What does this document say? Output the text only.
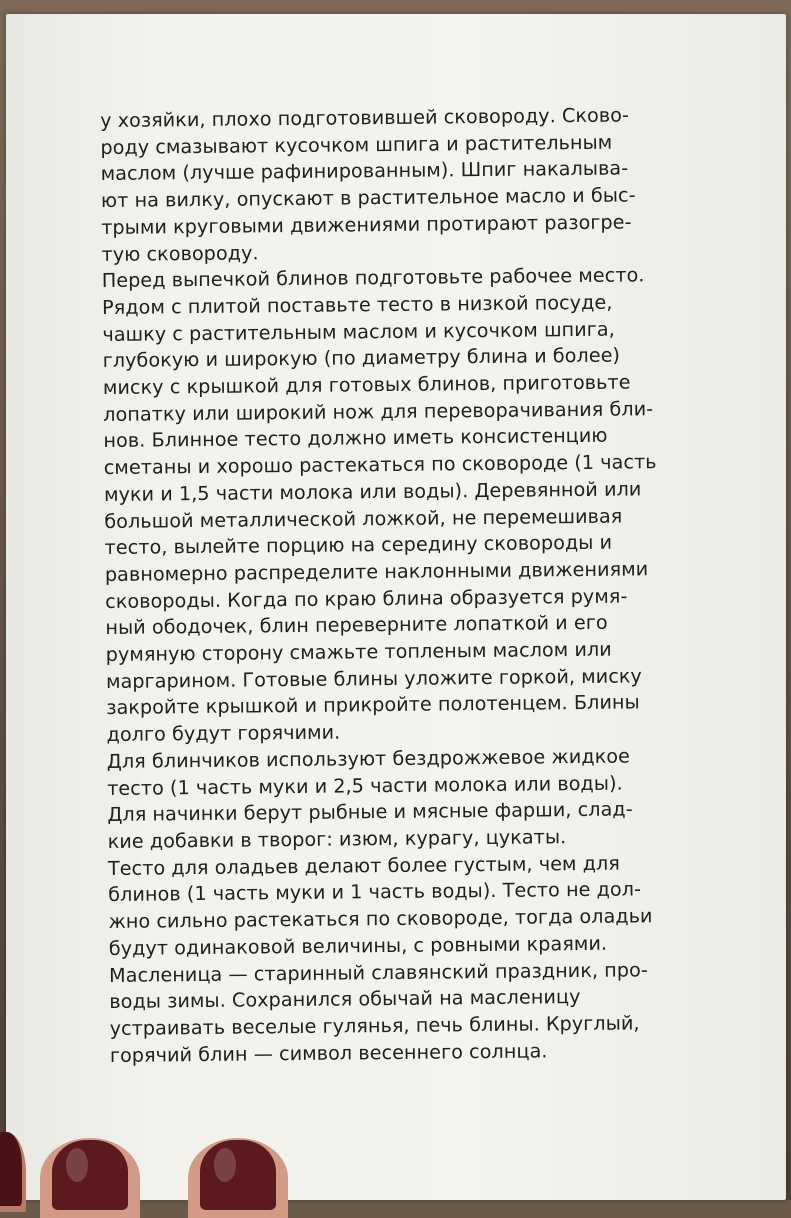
у хозяйки, плохо подготовившей сковороду. Сково-
роду смазывают кусочком шпига и растительным
маслом (лучше рафинированным). Шпиг накалыва-
ют на вилку, опускают в растительное масло и быс-
трыми круговыми движениями протирают разогре-
тую сковороду.

Перед выпечкой блинов подготовьте рабочее место.
Рядом с плитой поставьте тесто в низкой посуде,
чашку с растительным маслом и кусочком шпига,
глубокую и широкую (по диаметру блина и более)
миску с крышкой для готовых блинов, приготовьте
лопатку или широкий нож для переворачивания бли-
нов. Блинное тесто должно иметь консистенцию
сметаны и хорошо растекаться по сковороде (1 часть
муки и 1,5 части молока или воды). Деревянной или
большой металлической ложкой, не перемешивая
тесто, вылейте порцию на середину сковороды и
равномерно распределите наклонными движениями
сковороды. Когда по краю блина образуется румя-
ный ободочек, блин переверните лопаткой и его
румяную сторону смажьте топленым маслом или
маргарином. Готовые блины уложите горкой, миску
закройте крышкой и прикройте полотенцем. Блины
долго будут горячими.

Для блинчиков используют бездрожжевое жидкое
тесто (1 часть муки и 2,5 части молока или воды).
Для начинки берут рыбные и мясные фарши, слад-
кие добавки в творог: изюм, курагу, цукаты.

Тесто для оладьев делают более густым, чем для
блинов (1 часть муки и 1 часть воды). Тесто не дол-
жно сильно растекаться по сковороде, тогда оладьи
будут одинаковой величины, с ровными краями.

Масленица — старинный славянский праздник, про-
воды зимы. Сохранился обычай на масленицу
устраивать веселые гулянья, печь блины. Круглый,
горячий блин — символ весеннего солнца.
